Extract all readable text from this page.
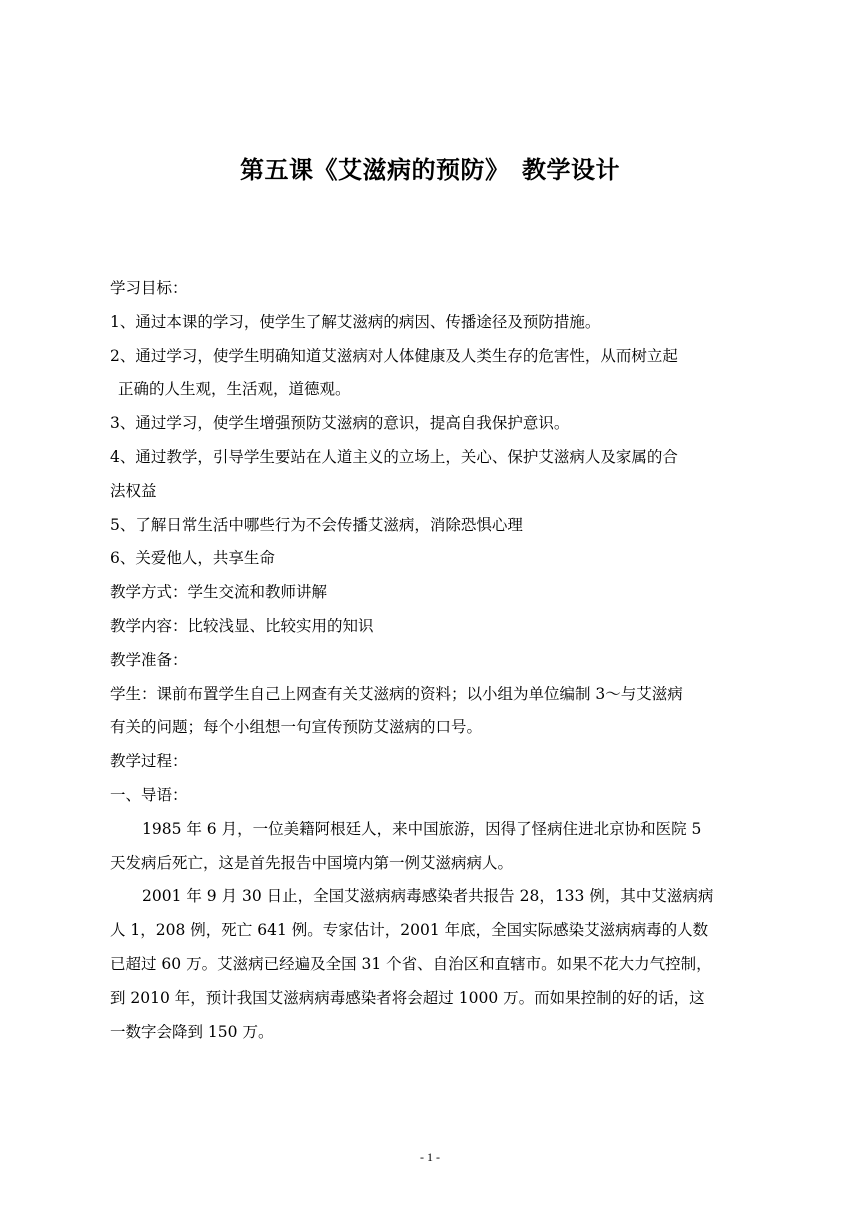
第五课《艾滋病的预防》　教学设计

学习目标：

1、通过本课的学习，使学生了解艾滋病的病因、传播途径及预防措施。

2、通过学习，使学生明确知道艾滋病对人体健康及人类生存的危害性，从而树立起

正确的人生观，生活观，道德观。

3、通过学习，使学生增强预防艾滋病的意识，提高自我保护意识。

4、通过教学，引导学生要站在人道主义的立场上，关心、保护艾滋病人及家属的合

法权益

5、了解日常生活中哪些行为不会传播艾滋病，消除恐惧心理

6、关爱他人，共享生命

教学方式：学生交流和教师讲解

教学内容：比较浅显、比较实用的知识

教学准备：

学生：课前布置学生自己上网查有关艾滋病的资料；以小组为单位编制 3～与艾滋病

有关的问题；每个小组想一句宣传预防艾滋病的口号。

教学过程：

一、导语：

1985 年 6 月，一位美籍阿根廷人，来中国旅游，因得了怪病住进北京协和医院 5

天发病后死亡，这是首先报告中国境内第一例艾滋病病人。

2001 年 9 月 30 日止，全国艾滋病病毒感染者共报告 28，133 例，其中艾滋病病

人 1，208 例，死亡 641 例。专家估计，2001 年底，全国实际感染艾滋病病毒的人数

已超过 60 万。艾滋病已经遍及全国 31 个省、自治区和直辖市。如果不花大力气控制，

到 2010 年，预计我国艾滋病病毒感染者将会超过 1000 万。而如果控制的好的话，这

一数字会降到 150 万。

- 1 -
